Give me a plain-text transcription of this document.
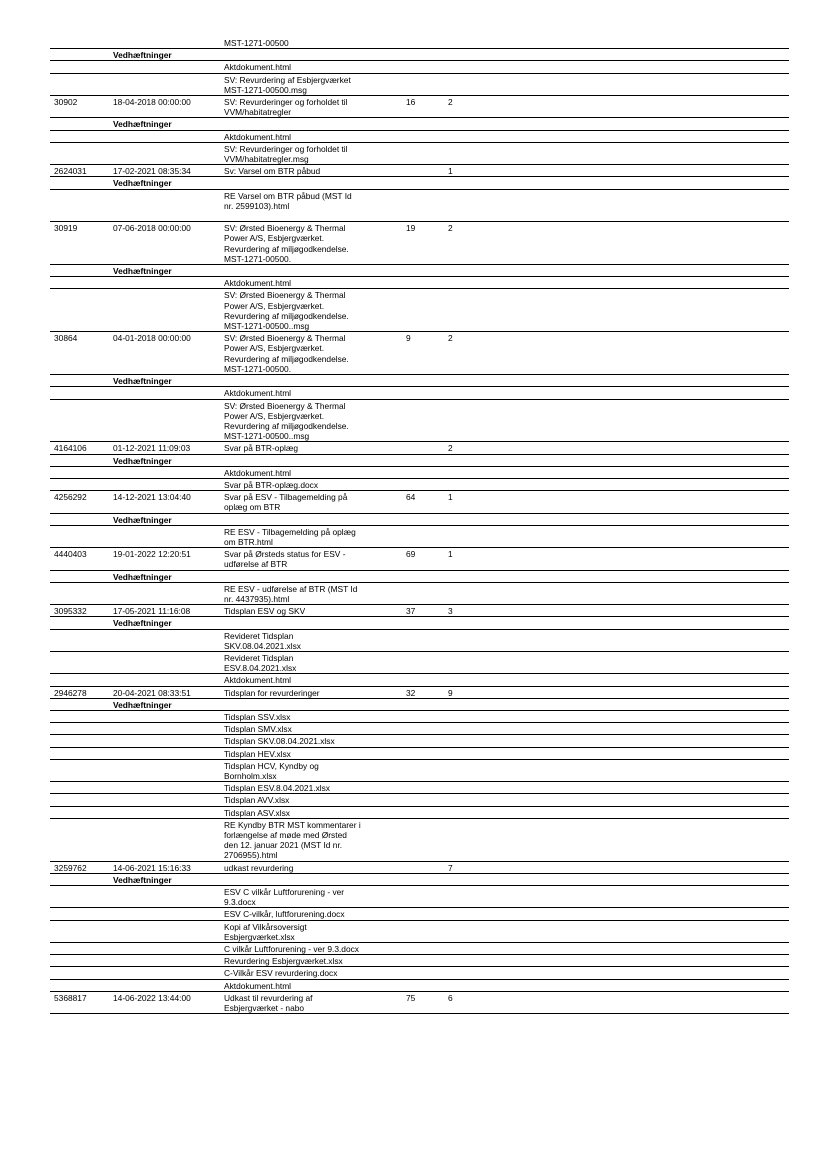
		MST-1271-00500			
	Vedhæftninger				
		Aktdokument.html			
		SV: Revurdering af Esbjergværket
MST-1271-00500.msg			
30902	18-04-2018 00:00:00	SV: Revurderinger og forholdet til
VVM/habitatregler	16	2	
	Vedhæftninger				
		Aktdokument.html			
		SV: Revurderinger og forholdet til
VVM/habitatregler.msg			
2624031	17-02-2021 08:35:34	Sv: Varsel om BTR påbud		1	
	Vedhæftninger				
		RE Varsel om BTR påbud (MST Id
nr. 2599103).html

30919	07-06-2018 00:00:00	SV: Ørsted Bioenergy & Thermal
Power A/S, Esbjergværket.
Revurdering af miljøgodkendelse.
MST-1271-00500.	19	2	
	Vedhæftninger				
		Aktdokument.html			
		SV: Ørsted Bioenergy & Thermal
Power A/S, Esbjergværket.
Revurdering af miljøgodkendelse.
MST-1271-00500..msg			
30864	04-01-2018 00:00:00	SV: Ørsted Bioenergy & Thermal
Power A/S, Esbjergværket.
Revurdering af miljøgodkendelse.
MST-1271-00500.	9	2	
	Vedhæftninger				
		Aktdokument.html			
		SV: Ørsted Bioenergy & Thermal
Power A/S, Esbjergværket.
Revurdering af miljøgodkendelse.
MST-1271-00500..msg			
4164106	01-12-2021 11:09:03	Svar på BTR-oplæg		2	
	Vedhæftninger				
		Aktdokument.html			
		Svar på BTR-oplæg.docx			
4256292	14-12-2021 13:04:40	Svar på ESV - Tilbagemelding på
oplæg om BTR	64	1	
	Vedhæftninger				
		RE ESV - Tilbagemelding på oplæg
om BTR.html			
4440403	19-01-2022 12:20:51	Svar på Ørsteds status for ESV -
udførelse af BTR	69	1	
	Vedhæftninger				
		RE ESV - udførelse af BTR (MST Id
nr. 4437935).html			
3095332	17-05-2021 11:16:08	Tidsplan ESV og SKV	37	3	
	Vedhæftninger				
		Revideret Tidsplan
SKV.08.04.2021.xlsx			
		Revideret Tidsplan
ESV.8.04.2021.xlsx			
		Aktdokument.html			
2946278	20-04-2021 08:33:51	Tidsplan for revurderinger	32	9	
	Vedhæftninger				
		Tidsplan SSV.xlsx			
		Tidsplan SMV.xlsx			
		Tidsplan SKV.08.04.2021.xlsx			
		Tidsplan HEV.xlsx			
		Tidsplan HCV, Kyndby og
Bornholm.xlsx			
		Tidsplan ESV.8.04.2021.xlsx			
		Tidsplan AVV.xlsx			
		Tidsplan ASV.xlsx			
		RE Kyndby BTR MST kommentarer i
forlængelse af møde med Ørsted
den 12. januar 2021 (MST Id nr.
2706955).html			
3259762	14-06-2021 15:16:33	udkast revurdering		7	
	Vedhæftninger				
		ESV C vilkår Luftforurening - ver
9.3.docx			
		ESV C-vilkår, luftforurening.docx			
		Kopi af Vilkårsoversigt
Esbjergværket.xlsx			
		C vilkår Luftforurening - ver 9.3.docx			
		Revurdering Esbjergværket.xlsx			
		C-Vilkår ESV revurdering.docx			
		Aktdokument.html			
5368817	14-06-2022 13:44:00	Udkast til revurdering af
Esbjergværket - nabo	75	6	
